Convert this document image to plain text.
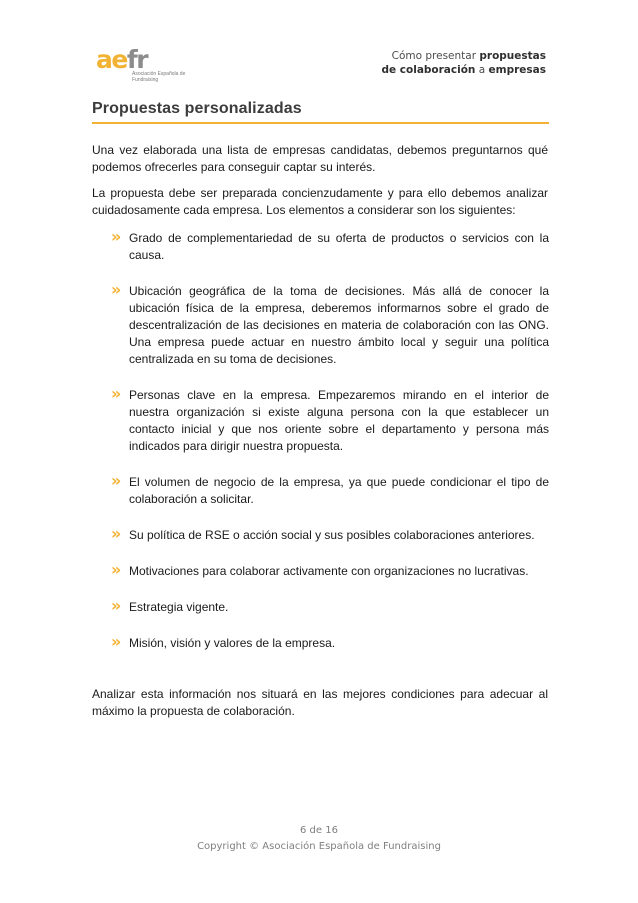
aefr
Asociación Española de Fundraising
Cómo presentar propuestas
de colaboración a empresas
Propuestas personalizadas

Una vez elaborada una lista de empresas candidatas, debemos preguntarnos qué podemos ofrecerles para conseguir captar su interés.

La propuesta debe ser preparada concienzudamente y para ello debemos analizar cuidadosamente cada empresa. Los elementos a considerar son los siguientes:

» Grado de complementariedad de su oferta de productos o servicios con la causa.
» Ubicación geográfica de la toma de decisiones. Más allá de conocer la ubicación física de la empresa, deberemos informarnos sobre el grado de descentralización de las decisiones en materia de colaboración con las ONG. Una empresa puede actuar en nuestro ámbito local y seguir una política centralizada en su toma de decisiones.
» Personas clave en la empresa. Empezaremos mirando en el interior de nuestra organización si existe alguna persona con la que establecer un contacto inicial y que nos oriente sobre el departamento y persona más indicados para dirigir nuestra propuesta.
» El volumen de negocio de la empresa, ya que puede condicionar el tipo de colaboración a solicitar.
» Su política de RSE o acción social y sus posibles colaboraciones anteriores.
» Motivaciones para colaborar activamente con organizaciones no lucrativas.
» Estrategia vigente.
» Misión, visión y valores de la empresa.

Analizar esta información nos situará en las mejores condiciones para adecuar al máximo la propuesta de colaboración.

6 de 16
Copyright © Asociación Española de Fundraising
